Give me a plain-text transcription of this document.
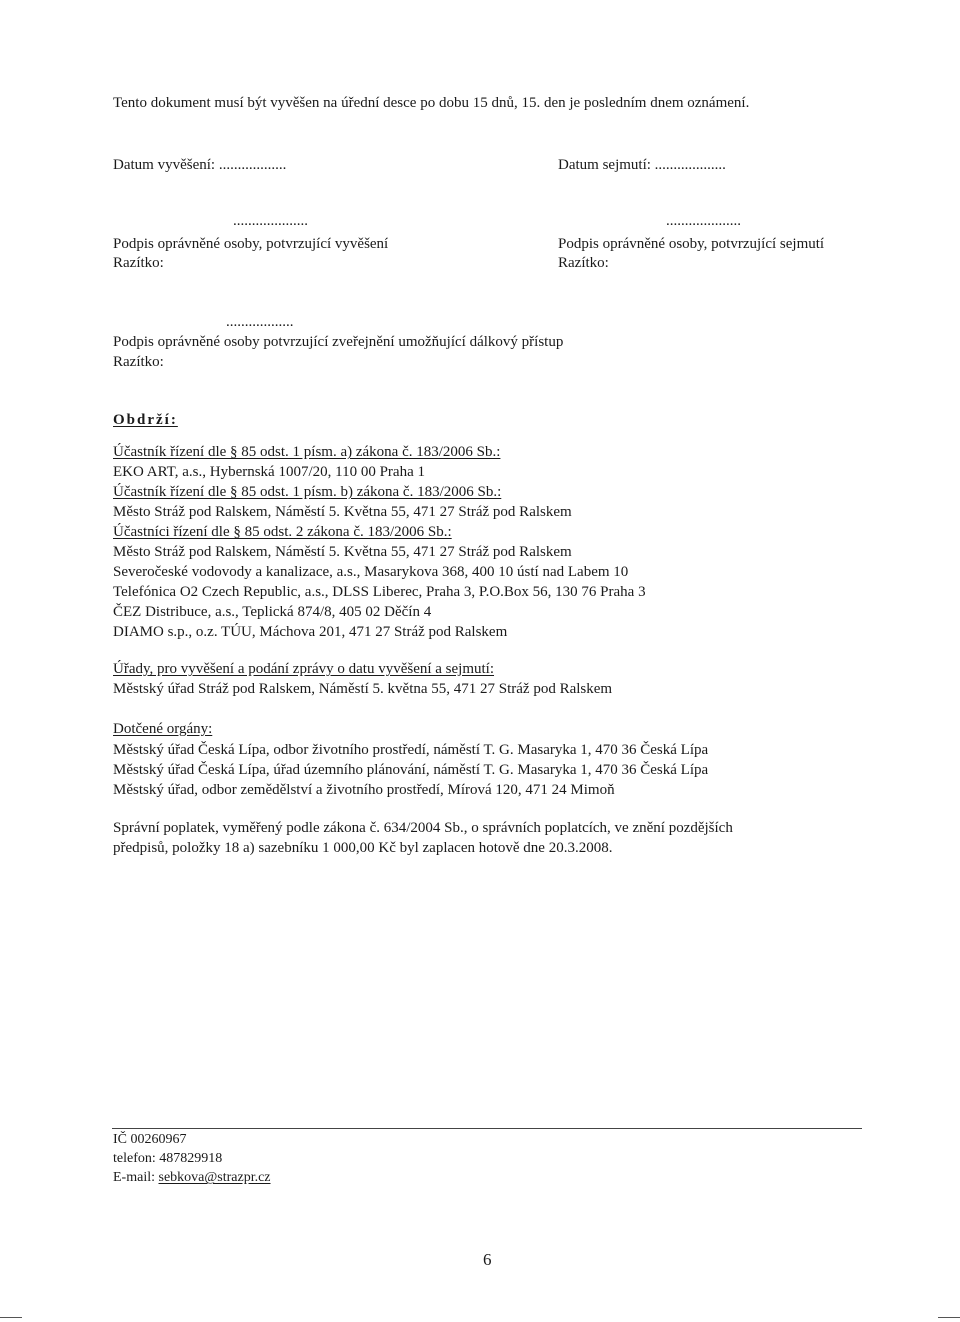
Tento dokument musí být vyvěšen na úřední desce po dobu 15 dnů, 15. den je posledním dnem oznámení.
Datum vyvěšení: ..................	Datum sejmutí: ...................
....................
Podpis oprávněné osoby, potvrzující vyvěšení
Razítko:
....................
Podpis oprávněné osoby, potvrzující sejmutí
Razítko:
..................
Podpis oprávněné osoby potvrzující zveřejnění umožňující dálkový přístup
Razítko:
Obdrží:
Účastník řízení dle § 85 odst. 1 písm. a) zákona č. 183/2006 Sb.:
EKO ART, a.s., Hybernská 1007/20, 110 00 Praha 1
Účastník řízení dle § 85 odst. 1 písm. b) zákona č. 183/2006 Sb.:
Město Stráž pod Ralskem, Náměstí 5. Května 55, 471 27 Stráž pod Ralskem
Účastníci řízení dle § 85 odst. 2 zákona č. 183/2006 Sb.:
Město Stráž pod Ralskem, Náměstí 5. Května 55, 471 27 Stráž pod Ralskem
Severočeské vodovody a kanalizace, a.s., Masarykova 368, 400 10 ústí nad Labem 10
Telefónica O2 Czech Republic, a.s., DLSS Liberec, Praha 3, P.O.Box 56, 130 76 Praha 3
ČEZ Distribuce, a.s., Teplická 874/8, 405 02 Děčín 4
DIAMO s.p., o.z. TÚU, Máchova 201, 471 27 Stráž pod Ralskem
Úřady, pro vyvěšení a podání zprávy o datu vyvěšení a sejmutí:
Městský úřad Stráž pod Ralskem, Náměstí 5. května 55, 471 27 Stráž pod Ralskem
Dotčené orgány:
Městský úřad Česká Lípa, odbor životního prostředí, náměstí T. G. Masaryka 1, 470 36 Česká Lípa
Městský úřad Česká Lípa, úřad územního plánování, náměstí T. G. Masaryka 1, 470 36 Česká Lípa
Městský úřad, odbor zemědělství a životního prostředí, Mírová 120, 471 24 Mimoň
Správní poplatek, vyměřený podle zákona č. 634/2004 Sb., o správních poplatcích, ve znění pozdějších
předpisů, položky 18 a) sazebníku 1 000,00 Kč byl zaplacen hotově dne 20.3.2008.
IČ 00260967
telefon: 487829918
E-mail: sebkova@strazpr.cz
6
